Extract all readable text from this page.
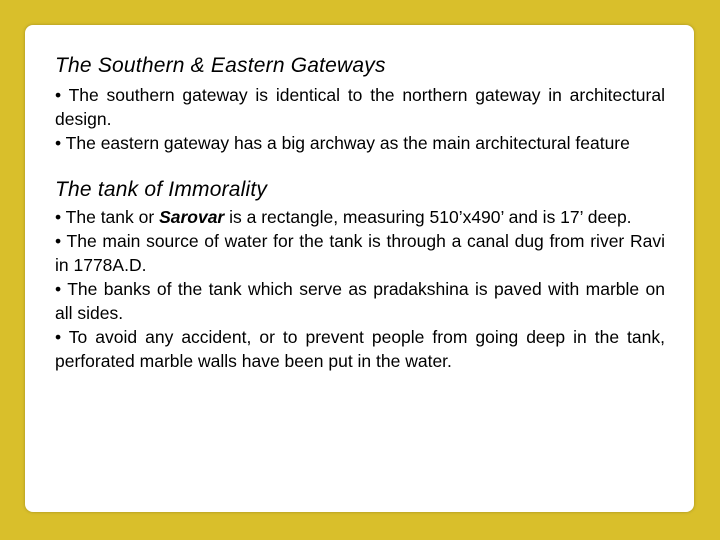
The Southern & Eastern Gateways

• The southern gateway is identical to the northern gateway in architectural design.

• The eastern gateway has a big archway as the main architectural feature

The tank of Immorality

• The tank or Sarovar is a rectangle, measuring 510’x490’ and is 17’ deep.

• The main source of water for the tank is through a canal dug from river Ravi in 1778A.D.

• The banks of the tank which serve as pradakshina is paved with marble on all sides.

• To avoid any accident, or to prevent people from going deep in the tank, perforated marble walls have been put in the water.
